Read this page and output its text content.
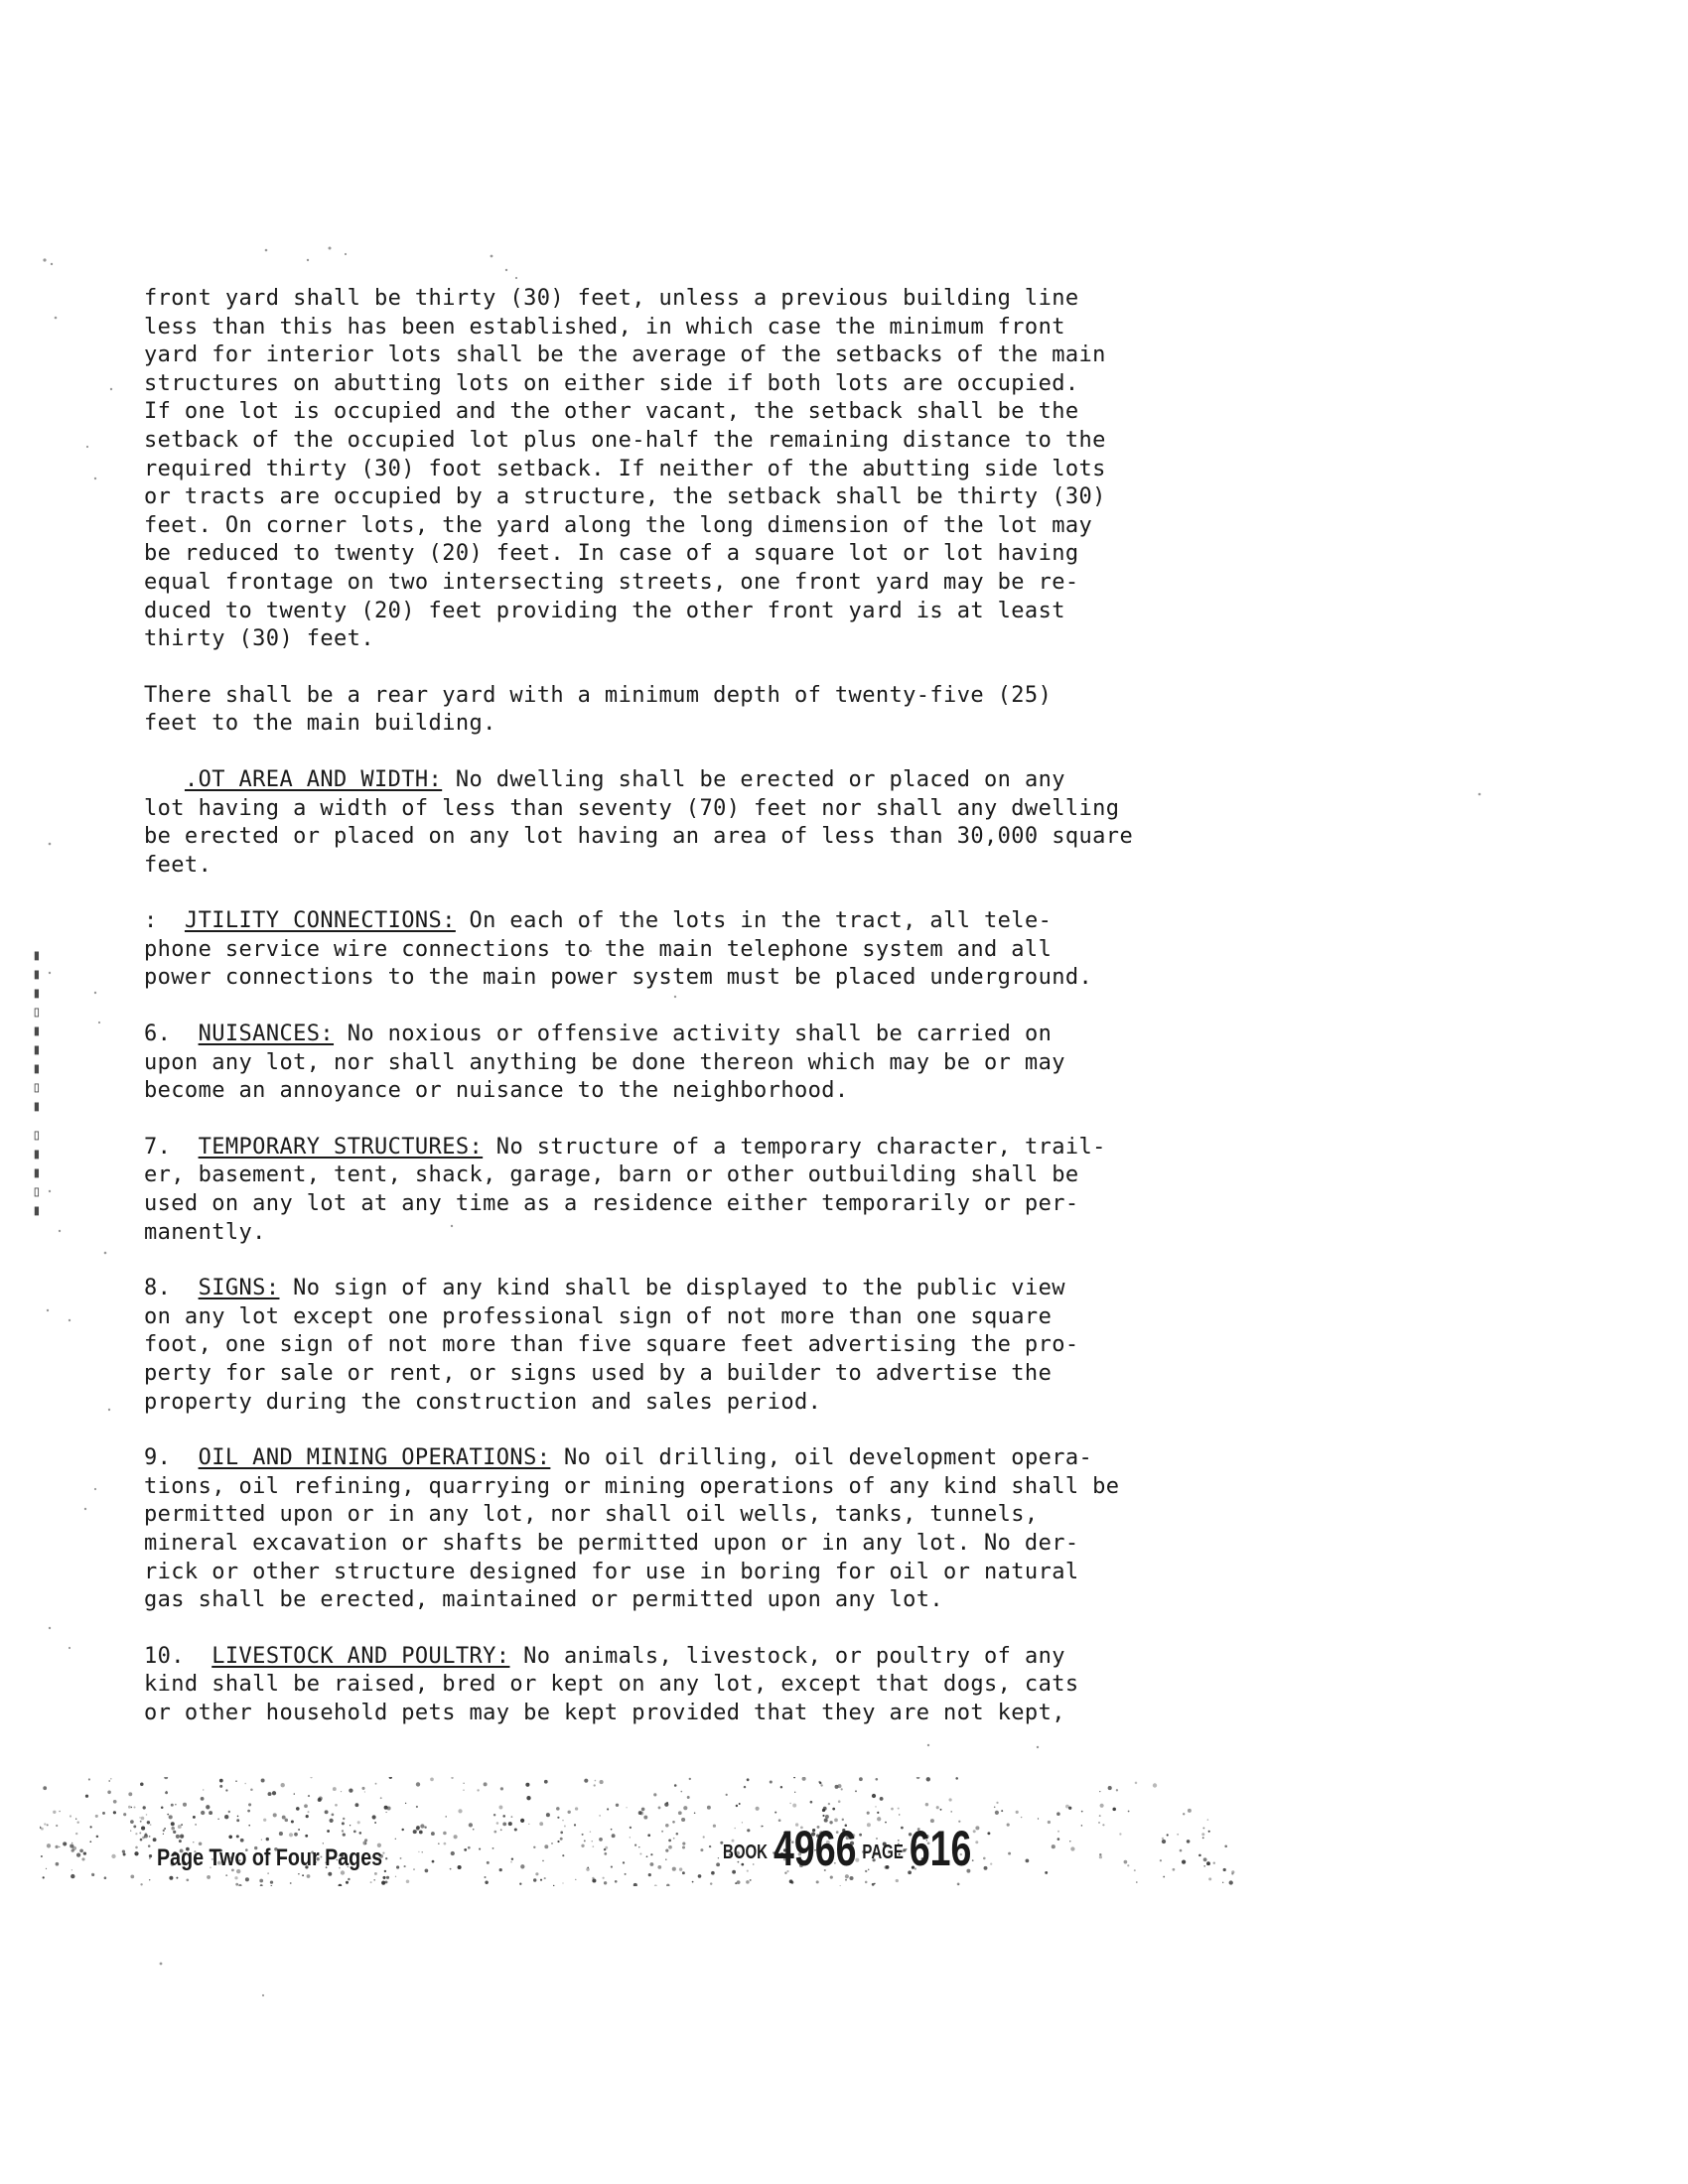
▮▯▮▮▯ ▮▯▮▮▮▯▮▮▮
front yard shall be thirty (30) feet, unless a previous building line
less than this has been established, in which case the minimum front
yard for interior lots shall be the average of the setbacks of the main
structures on abutting lots on either side if both lots are occupied.
If one lot is occupied and the other vacant, the setback shall be the
setback of the occupied lot plus one-half the remaining distance to the
required thirty (30) foot setback. If neither of the abutting side lots
or tracts are occupied by a structure, the setback shall be thirty (30)
feet. On corner lots, the yard along the long dimension of the lot may
be reduced to twenty (20) feet. In case of a square lot or lot having
equal frontage on two intersecting streets, one front yard may be re-
duced to twenty (20) feet providing the other front yard is at least
thirty (30) feet.
There shall be a rear yard with a minimum depth of twenty-five (25)
feet to the main building.
.OT AREA AND WIDTH: No dwelling shall be erected or placed on any
lot having a width of less than seventy (70) feet nor shall any dwelling
be erected or placed on any lot having an area of less than 30,000 square
feet.
:  JTILITY CONNECTIONS: On each of the lots in the tract, all tele-
phone service wire connections to the main telephone system and all
power connections to the main power system must be placed underground.
6.  NUISANCES: No noxious or offensive activity shall be carried on
upon any lot, nor shall anything be done thereon which may be or may
become an annoyance or nuisance to the neighborhood.
7.  TEMPORARY STRUCTURES: No structure of a temporary character, trail-
er, basement, tent, shack, garage, barn or other outbuilding shall be
used on any lot at any time as a residence either temporarily or per-
manently.
8.  SIGNS: No sign of any kind shall be displayed to the public view
on any lot except one professional sign of not more than one square
foot, one sign of not more than five square feet advertising the pro-
perty for sale or rent, or signs used by a builder to advertise the
property during the construction and sales period.
9.  OIL AND MINING OPERATIONS: No oil drilling, oil development opera-
tions, oil refining, quarrying or mining operations of any kind shall be
permitted upon or in any lot, nor shall oil wells, tanks, tunnels,
mineral excavation or shafts be permitted upon or in any lot. No der-
rick or other structure designed for use in boring for oil or natural
gas shall be erected, maintained or permitted upon any lot.
10.  LIVESTOCK AND POULTRY: No animals, livestock, or poultry of any
kind shall be raised, bred or kept on any lot, except that dogs, cats
or other household pets may be kept provided that they are not kept,
Page Two of Four Pages	BOOK 4966 PAGE 616
